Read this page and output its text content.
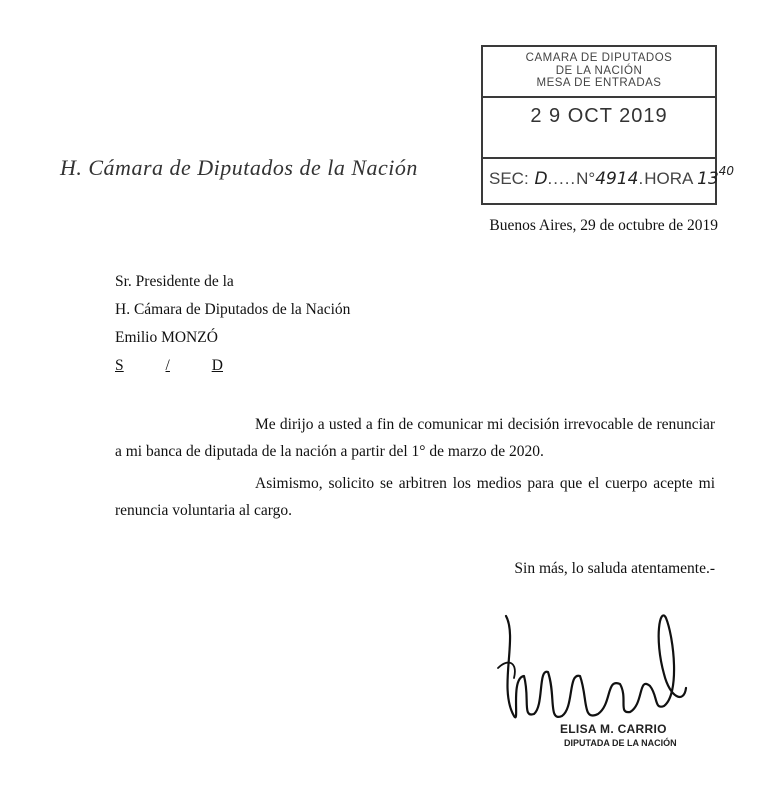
CAMARA DE DIPUTADOS
DE LA NACIÓN
MESA DE ENTRADAS
2 9 OCT 2019
SEC: D.....N°4914.HORA $13^{40}$
H. Cámara de Diputados de la Nación
Buenos Aires, 29 de octubre de 2019
Sr. Presidente de la
H. Cámara de Diputados de la Nación
Emilio MONZÓ
S	/	D
Me dirijo a usted a fin de comunicar mi decisión irrevocable de renunciar a mi banca de diputada de la nación a partir del 1° de marzo de 2020.
Asimismo, solicito se arbitren los medios para que el cuerpo acepte mi renuncia voluntaria al cargo.
Sin más, lo saluda atentamente.-
ELISA M. CARRIO
DIPUTADA DE LA NACIÓN
